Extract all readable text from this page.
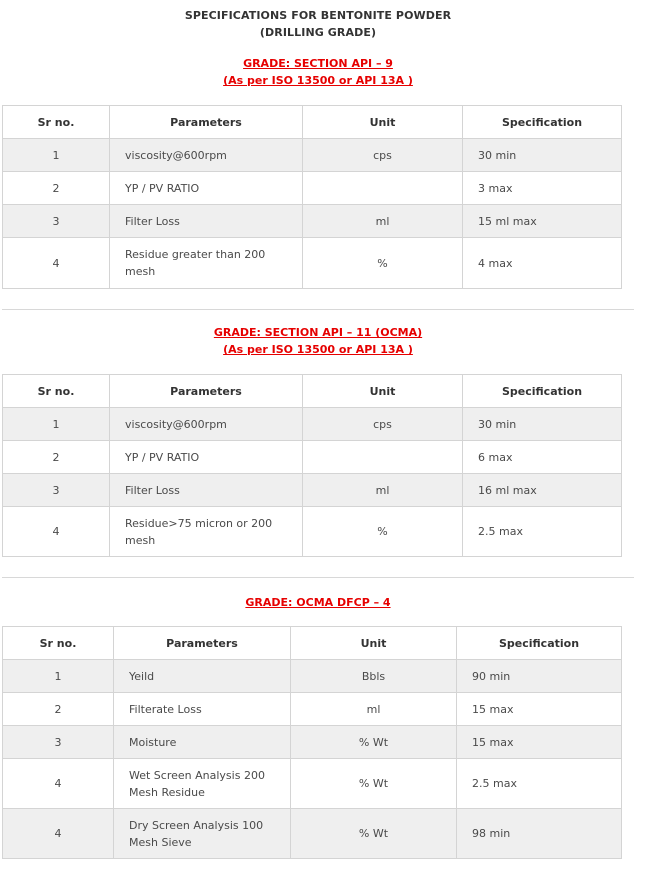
SPECIFICATIONS FOR BENTONITE POWDER
(DRILLING GRADE)
GRADE: SECTION API – 9
(As per ISO 13500 or API 13A )
Sr no.	Parameters	Unit	Specification
1	viscosity@600rpm	cps	30 min
2	YP / PV RATIO		3 max
3	Filter Loss	ml	15 ml max
4	Residue greater than 200 mesh	%	4 max
GRADE: SECTION API – 11 (OCMA)
(As per ISO 13500 or API 13A )
Sr no.	Parameters	Unit	Specification
1	viscosity@600rpm	cps	30 min
2	YP / PV RATIO		6 max
3	Filter Loss	ml	16 ml max
4	Residue>75 micron or 200 mesh	%	2.5 max
GRADE: OCMA DFCP – 4
Sr no.	Parameters	Unit	Specification
1	Yeild	Bbls	90 min
2	Filterate Loss	ml	15 max
3	Moisture	% Wt	15 max
4	Wet Screen Analysis 200 Mesh Residue	% Wt	2.5 max
4	Dry Screen Analysis 100 Mesh Sieve	% Wt	98 min
